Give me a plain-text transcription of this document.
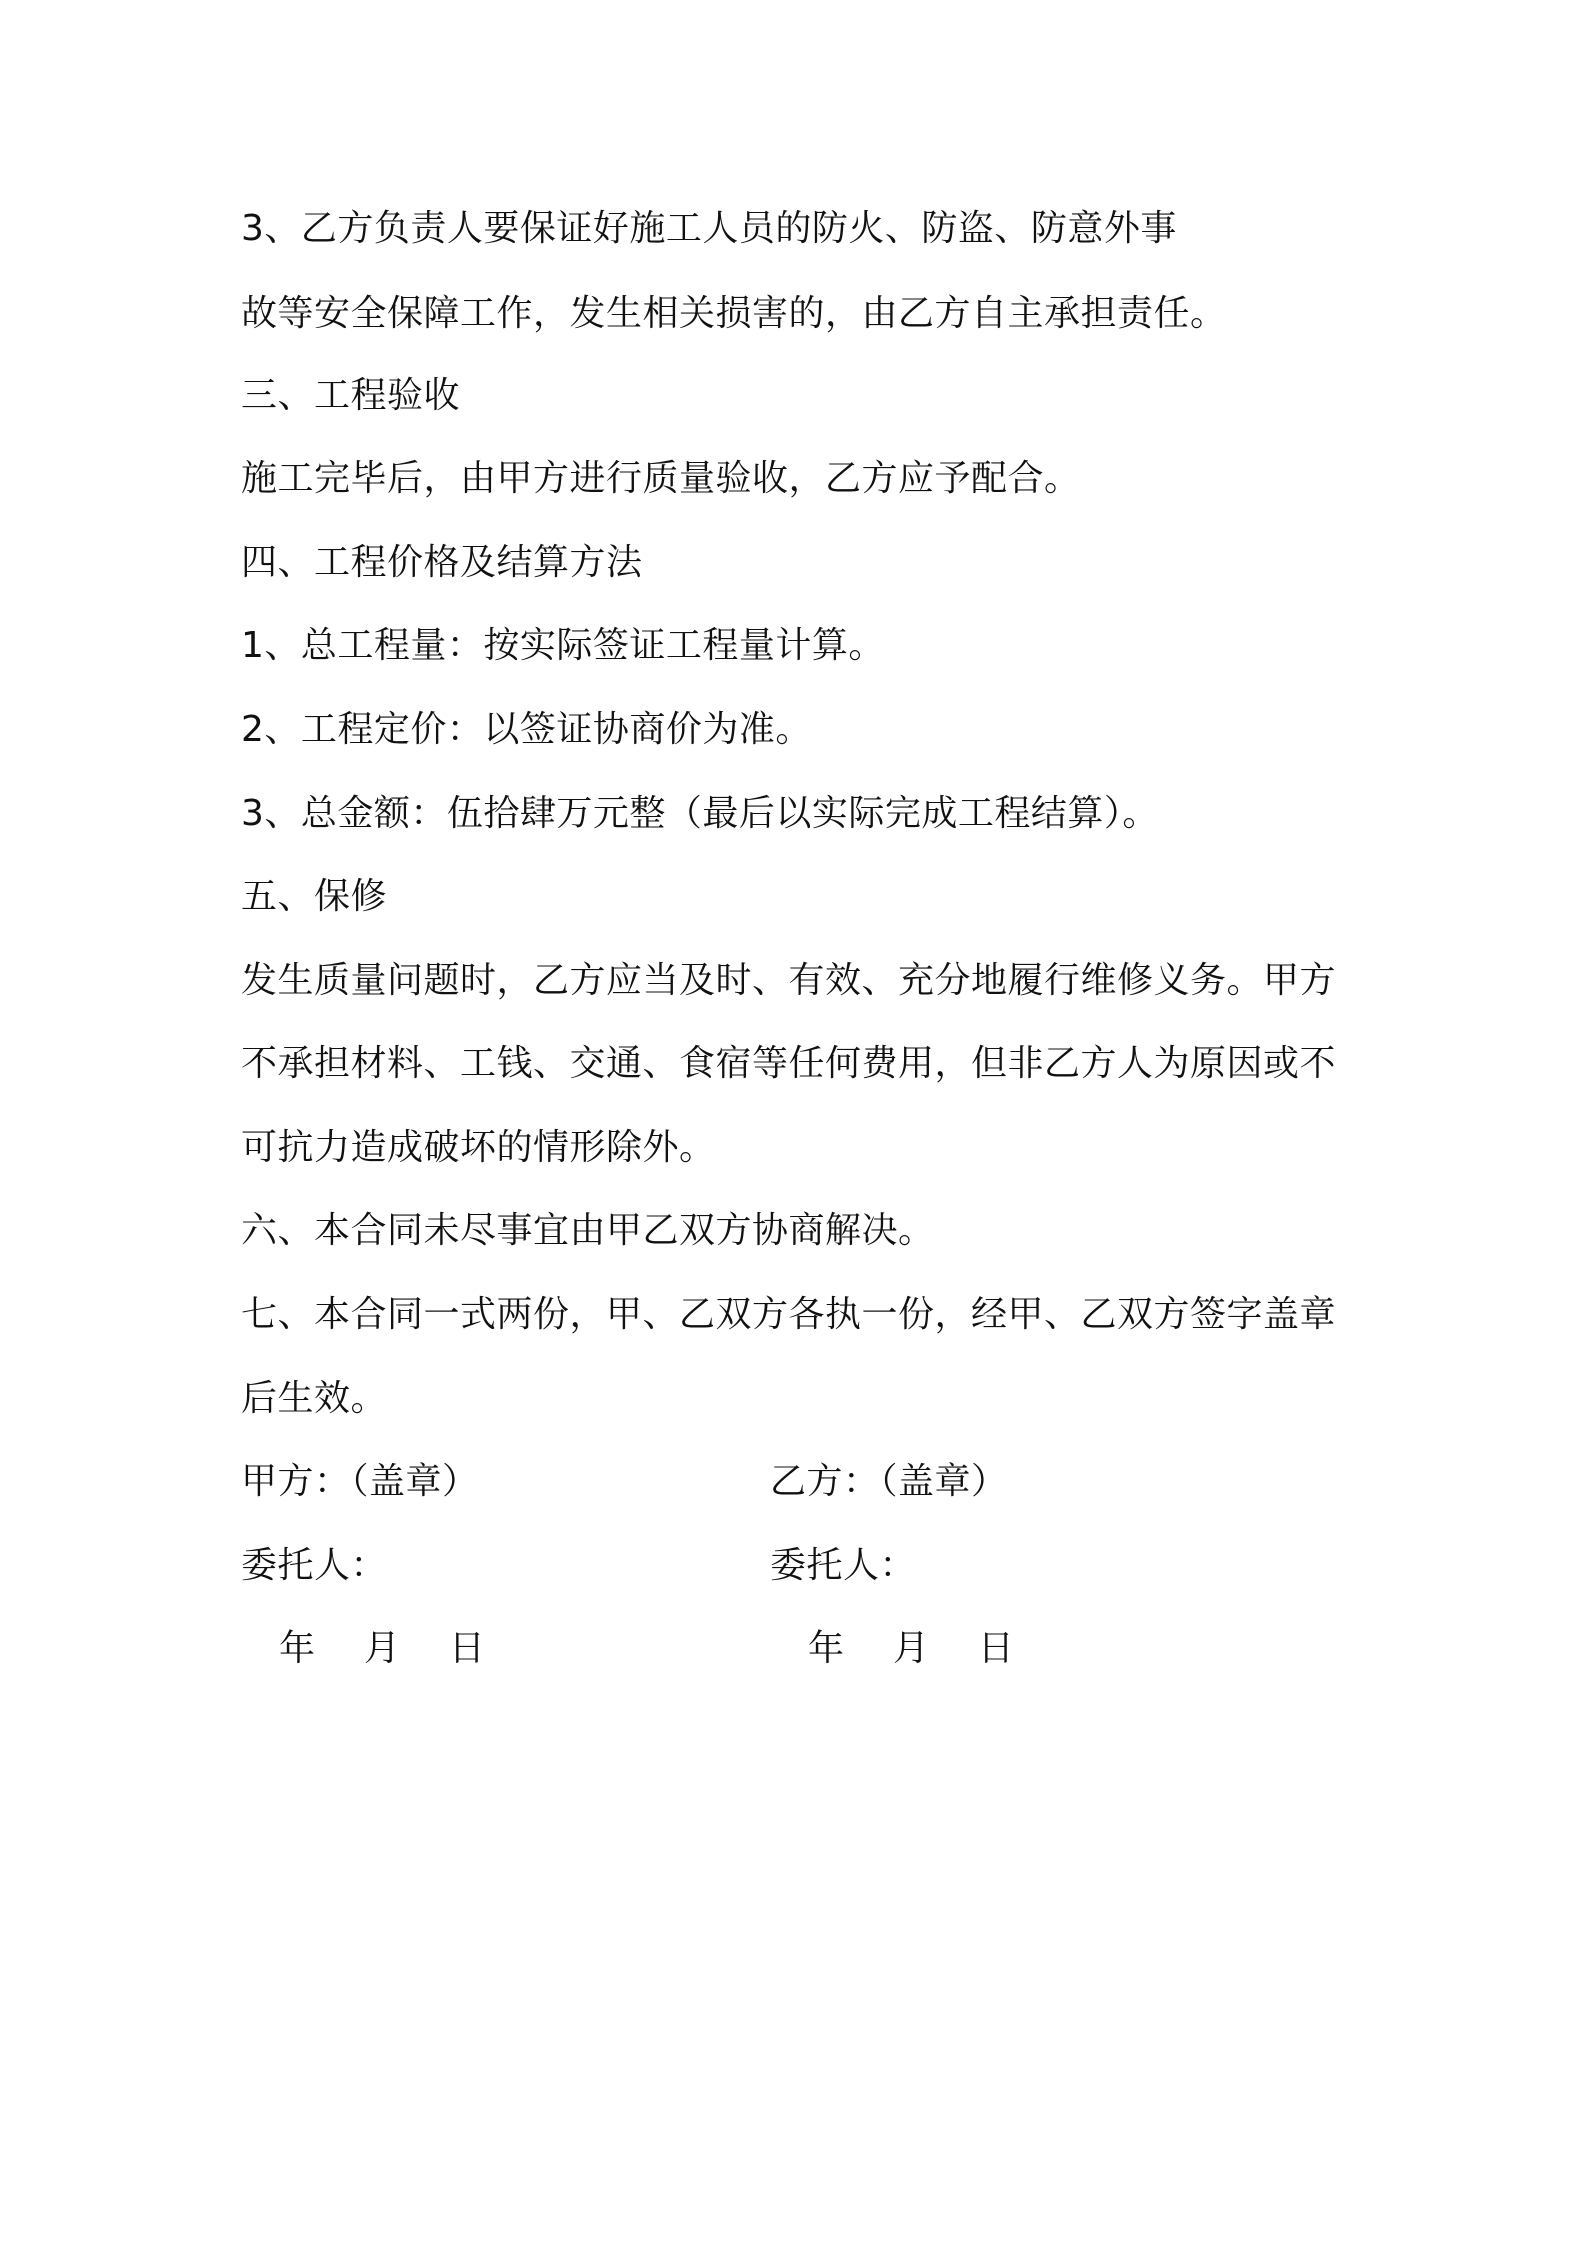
3、乙方负责人要保证好施工人员的防火、防盗、防意外事
故等安全保障工作，发生相关损害的，由乙方自主承担责任。
三、工程验收
施工完毕后，由甲方进行质量验收，乙方应予配合。
四、工程价格及结算方法
1、总工程量：按实际签证工程量计算。
2、工程定价：以签证协商价为准。
3、总金额：伍拾肆万元整（最后以实际完成工程结算）。
五、保修
发生质量问题时，乙方应当及时、有效、充分地履行维修义务。甲方
不承担材料、工钱、交通、食宿等任何费用，但非乙方人为原因或不
可抗力造成破坏的情形除外。
六、本合同未尽事宜由甲乙双方协商解决。
七、本合同一式两份，甲、乙双方各执一份，经甲、乙双方签字盖章
后生效。
甲方：（盖章）	乙方：（盖章）
委托人：	委托人：
年　 月　 日	年　 月　 日
